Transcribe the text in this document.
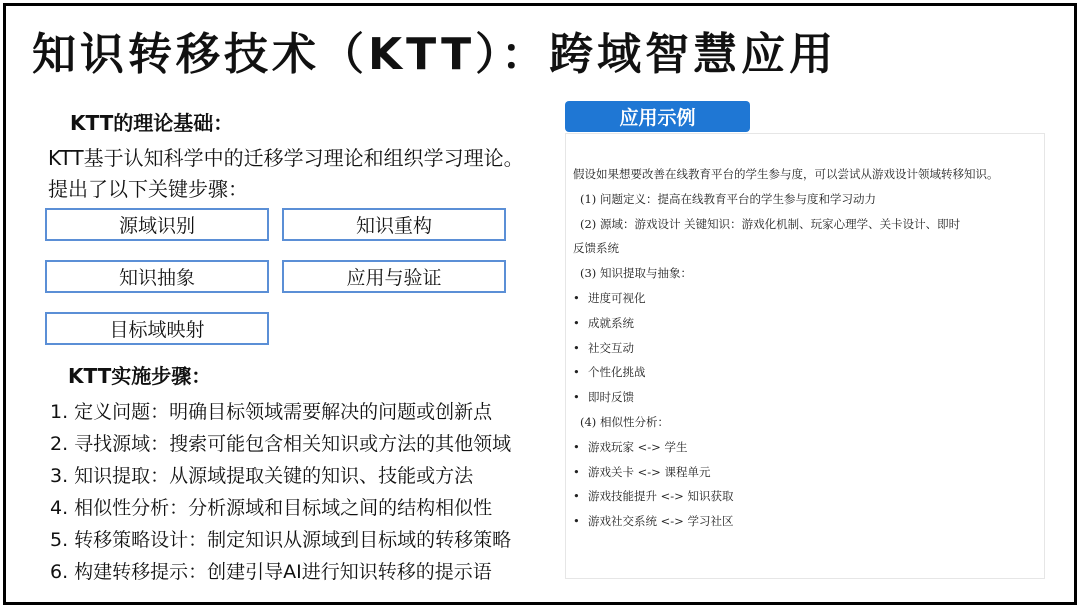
知识转移技术（KTT）：跨域智慧应用
KTT的理论基础：
KTT基于认知科学中的迁移学习理论和组织学习理论。
提出了以下关键步骤：
源域识别	知识重构
知识抽象	应用与验证
目标域映射
KTT实施步骤：
1. 定义问题：明确目标领域需要解决的问题或创新点
2. 寻找源域：搜索可能包含相关知识或方法的其他领域
3. 知识提取：从源域提取关键的知识、技能或方法
4. 相似性分析：分析源域和目标域之间的结构相似性
5. 转移策略设计：制定知识从源域到目标域的转移策略
6. 构建转移提示：创建引导AI进行知识转移的提示语
应用示例

假设如果想要改善在线教育平台的学生参与度，可以尝试从游戏设计领域转移知识。

(1) 问题定义：提高在线教育平台的学生参与度和学习动力

(2) 源域：游戏设计 关键知识：游戏化机制、玩家心理学、关卡设计、即时

反馈系统

(3) 知识提取与抽象：

• 进度可视化

• 成就系统

• 社交互动

• 个性化挑战

• 即时反馈

(4) 相似性分析：

• 游戏玩家 <-> 学生

• 游戏关卡 <-> 课程单元

• 游戏技能提升 <-> 知识获取

• 游戏社交系统 <-> 学习社区
